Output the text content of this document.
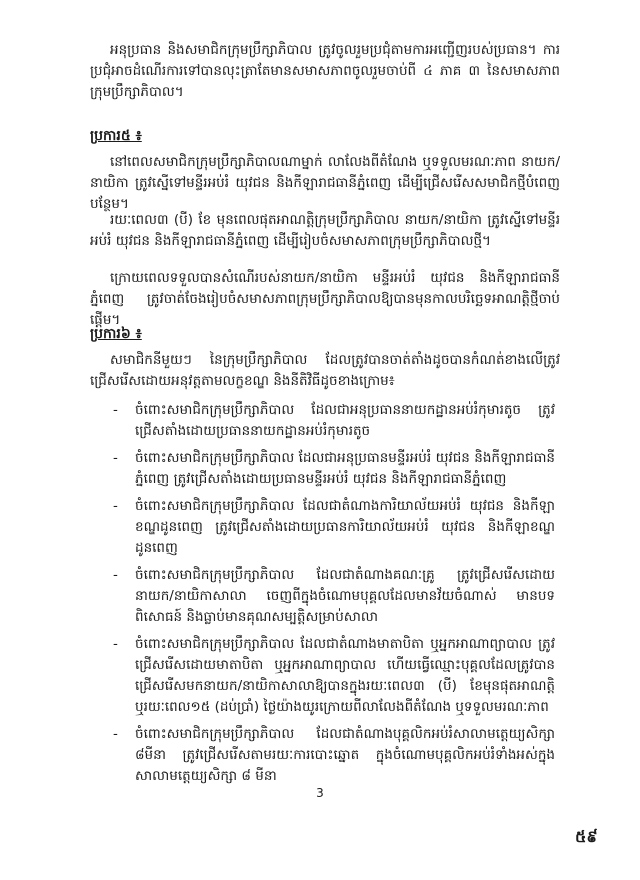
អនុប្រធាន និងសមាជិកក្រុមប្រឹក្សាភិបាល ត្រូវចូលរួមប្រជុំតាមការអញ្ជើញរបស់ប្រធាន។ ការប្រជុំអាចដំណើរការទៅបានលុះត្រាតែមានសមាសភាពចូលរួមចាប់ពី ៤ ភាគ ៣ នៃសមាសភាពក្រុមប្រឹក្សាភិបាល។

ប្រការ៥ ៖

នៅពេលសមាជិកក្រុមប្រឹក្សាភិបាលណាម្នាក់ លាលែងពីតំណែង ឬទទួលមរណៈភាព នាយក/នាយិកា ត្រូវស្នើទៅមន្ទីរអប់រំ យុវជន និងកីឡារាជធានីភ្នំពេញ ដើម្បីជ្រើសរើសសមាជិកថ្មីបំពេញបន្ថែម។

រយៈពេល៣ (បី) ខែ មុនពេលផុតអាណត្តិក្រុមប្រឹក្សាភិបាល នាយក/នាយិកា ត្រូវស្នើទៅមន្ទីរអប់រំ យុវជន និងកីឡារាជធានីភ្នំពេញ ដើម្បីរៀបចំសមាសភាពក្រុមប្រឹក្សាភិបាលថ្មី។

ក្រោយពេលទទួលបានសំណើរបស់នាយក/នាយិកា មន្ទីរអប់រំ យុវជន និងកីឡារាជធានីភ្នំពេញ ត្រូវចាត់ចែងរៀបចំសមាសភាពក្រុមប្រឹក្សាភិបាលឱ្យបានមុនកាលបរិច្ឆេទអាណត្តិថ្មីចាប់ផ្តើម។

ប្រការ៦ ៖

សមាជិកនីមួយៗ នៃក្រុមប្រឹក្សាភិបាល ដែលត្រូវបានចាត់តាំងដូចបានកំណត់ខាងលើត្រូវជ្រើសរើសដោយអនុវត្តតាមលក្ខខណ្ឌ និងនីតិវិធីដូចខាងក្រោម៖

- ចំពោះសមាជិកក្រុមប្រឹក្សាភិបាល ដែលជាអនុប្រធាននាយកដ្ឋានអប់រំកុមារតូច ត្រូវជ្រើសតាំងដោយប្រធាននាយកដ្ឋានអប់រំកុមារតូច
- ចំពោះសមាជិកក្រុមប្រឹក្សាភិបាល ដែលជាអនុប្រធានមន្ទីរអប់រំ យុវជន និងកីឡារាជធានីភ្នំពេញ ត្រូវជ្រើសតាំងដោយប្រធានមន្ទីរអប់រំ យុវជន និងកីឡារាជធានីភ្នំពេញ
- ចំពោះសមាជិកក្រុមប្រឹក្សាភិបាល ដែលជាតំណាងការិយាល័យអប់រំ យុវជន និងកីឡាខណ្ឌដូនពេញ ត្រូវជ្រើសតាំងដោយប្រធានការិយាល័យអប់រំ យុវជន និងកីឡាខណ្ឌដូនពេញ
- ចំពោះសមាជិកក្រុមប្រឹក្សាភិបាល ដែលជាតំណាងគណៈគ្រូ ត្រូវជ្រើសរើសដោយនាយក/នាយិកាសាលា ចេញពីក្នុងចំណោមបុគ្គលដែលមានវ័យចំណាស់ មានបទពិសោធន៍ និងធ្លាប់មានគុណសម្បត្តិសម្រាប់សាលា
- ចំពោះសមាជិកក្រុមប្រឹក្សាភិបាល ដែលជាតំណាងមាតាបិតា ឬអ្នកអាណាព្យាបាល ត្រូវជ្រើសរើសដោយមាតាបិតា ឬអ្នកអាណាព្យាបាល ហើយធ្វើឈ្មោះបុគ្គលដែលត្រូវបានជ្រើសរើសមកនាយក/នាយិកាសាលាឱ្យបានក្នុងរយៈពេល៣ (បី) ខែមុនផុតអាណត្តិ ឬរយៈពេល១៥ (ដប់ប្រាំ) ថ្ងៃយ៉ាងយូរក្រោយពីលាលែងពីតំណែង ឬទទួលមរណៈភាព
- ចំពោះសមាជិកក្រុមប្រឹក្សាភិបាល ដែលជាតំណាងបុគ្គលិកអប់រំសាលាមត្តេយ្យសិក្សា ៨មីនា ត្រូវជ្រើសរើសតាមរយៈការបោះឆ្នោត ក្នុងចំណោមបុគ្គលិកអប់រំទាំងអស់ក្នុងសាលាមត្តេយ្យសិក្សា ៨ មីនា
3
៥៩
